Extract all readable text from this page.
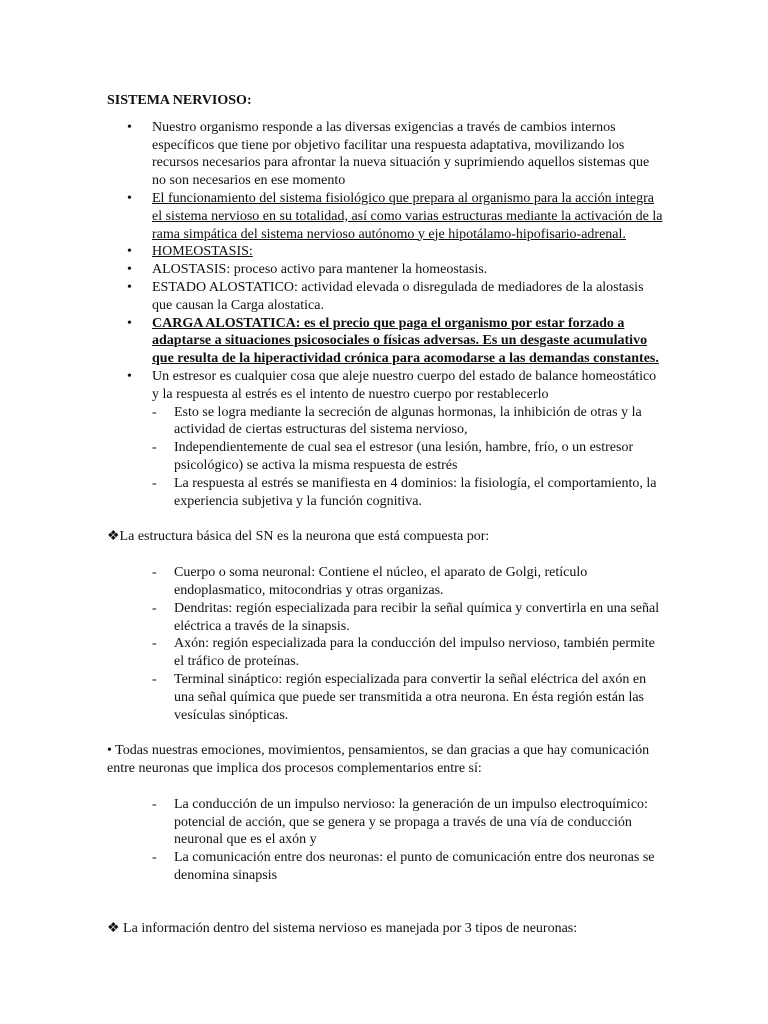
SISTEMA NERVIOSO:
• Nuestro organismo responde a las diversas exigencias a través de cambios internos específicos que tiene por objetivo facilitar una respuesta adaptativa, movilizando los recursos necesarios para afrontar la nueva situación y suprimiendo aquellos sistemas que no son necesarios en ese momento
• El funcionamiento del sistema fisiológico que prepara al organismo para la acción integra el sistema nervioso en su totalidad, así como varias estructuras mediante la activación de la rama simpática del sistema nervioso autónomo y eje hipotálamo-hipofisario-adrenal.
• HOMEOSTASIS:
• ALOSTASIS: proceso activo para mantener la homeostasis.
• ESTADO ALOSTATICO: actividad elevada o disregulada de mediadores de la alostasis que causan la Carga alostatica.
• CARGA ALOSTATICA: es el precio que paga el organismo por estar forzado a adaptarse a situaciones psicosociales o físicas adversas. Es un desgaste acumulativo que resulta de la hiperactividad crónica para acomodarse a las demandas constantes.
• Un estresor es cualquier cosa que aleje nuestro cuerpo del estado de balance homeostático y la respuesta al estrés es el intento de nuestro cuerpo por restablecerlo
- Esto se logra mediante la secreción de algunas hormonas, la inhibición de otras y la actividad de ciertas estructuras del sistema nervioso,
- Independientemente de cual sea el estresor (una lesión, hambre, frío, o un estresor psicológico) se activa la misma respuesta de estrés
- La respuesta al estrés se manifiesta en 4 dominios: la fisiología, el comportamiento, la experiencia subjetiva y la función cognitiva.

❖La estructura básica del SN es la neurona que está compuesta por:

- Cuerpo o soma neuronal: Contiene el núcleo, el aparato de Golgi, retículo endoplasmatico, mitocondrias y otras organizas.
- Dendritas: región especializada para recibir la señal química y convertirla en una señal eléctrica a través de la sinapsis.
- Axón: región especializada para la conducción del impulso nervioso, también permite el tráfico de proteínas.
- Terminal sináptico: región especializada para convertir la señal eléctrica del axón en una señal química que puede ser transmitida a otra neurona. En ésta región están las vesículas sinópticas.

• Todas nuestras emociones, movimientos, pensamientos, se dan gracias a que hay comunicación entre neuronas que implica dos procesos complementarios entre sí:

- La conducción de un impulso nervioso: la generación de un impulso electroquímico: potencial de acción, que se genera y se propaga a través de una vía de conducción neuronal que es el axón y
- La comunicación entre dos neuronas: el punto de comunicación entre dos neuronas se denomina sinapsis

❖ La información dentro del sistema nervioso es manejada por 3 tipos de neuronas:
